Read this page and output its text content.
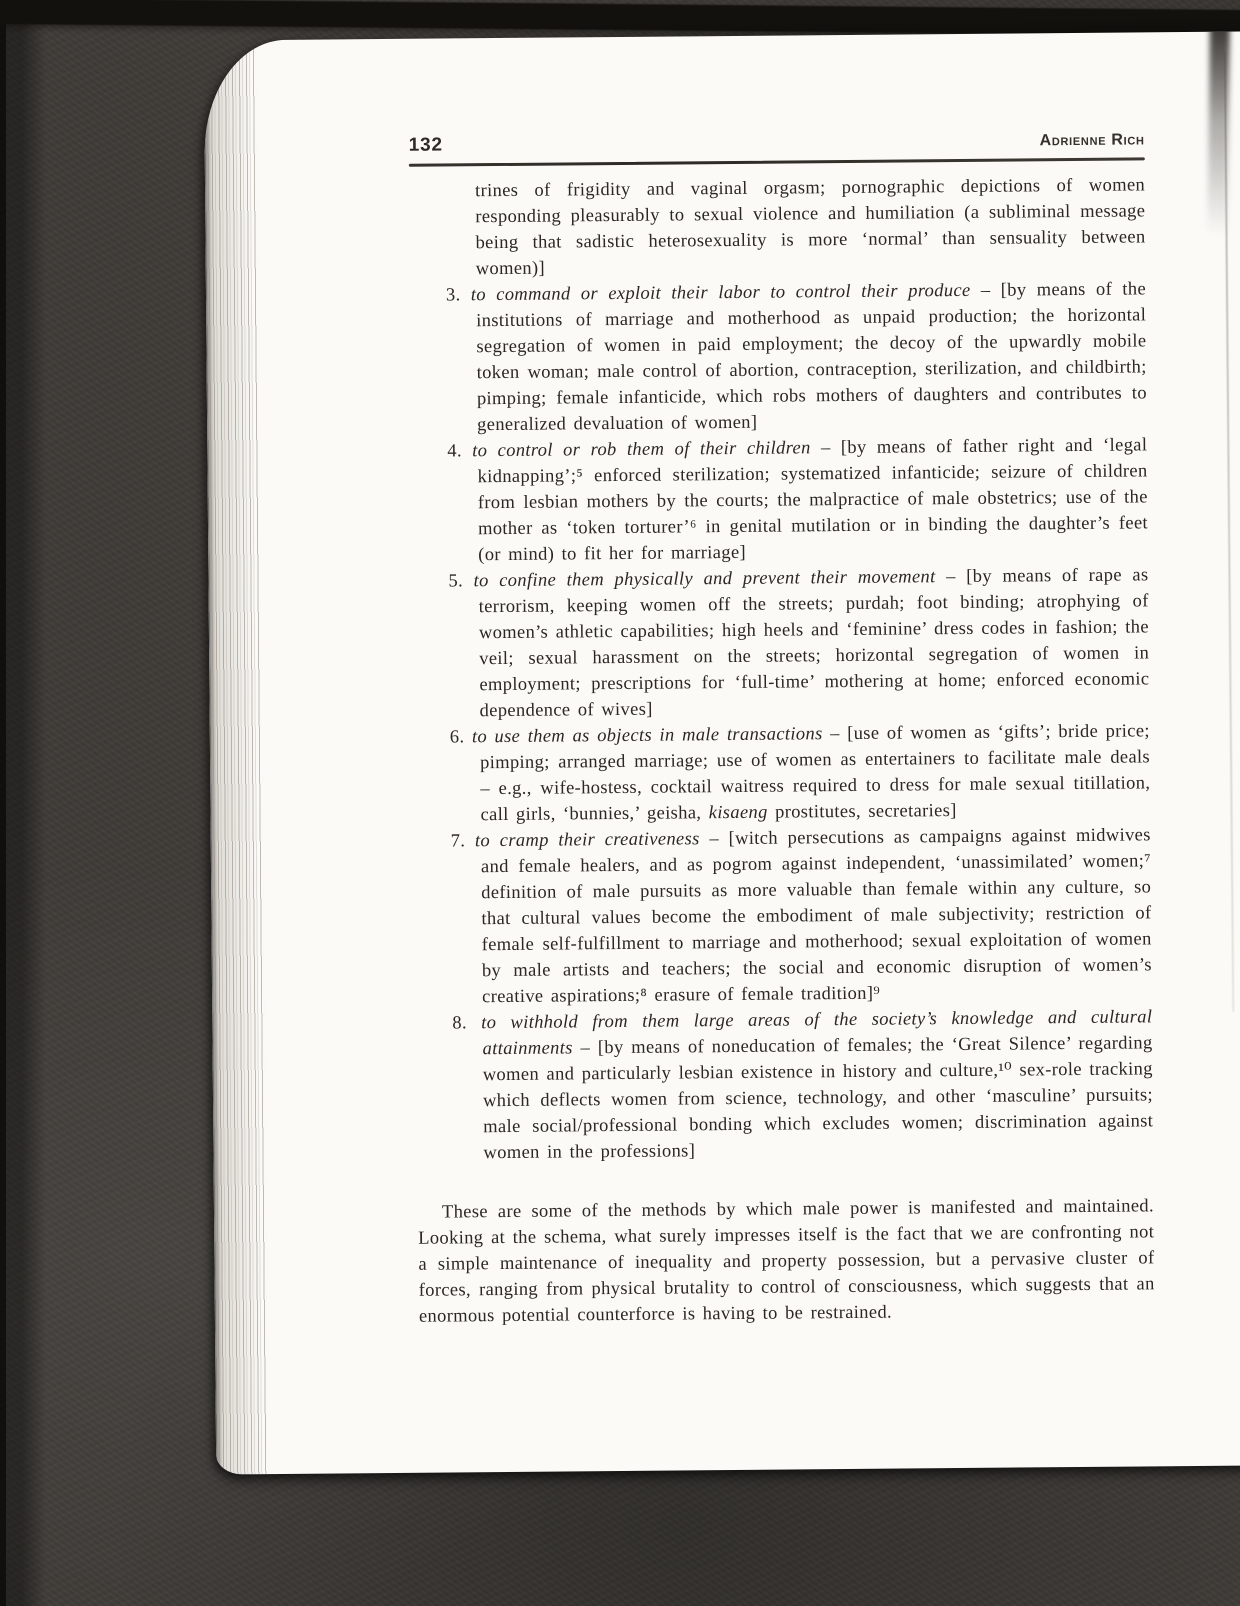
132	Adrienne Rich

trines of frigidity and vaginal orgasm; pornographic depictions of women responding pleasurably to sexual violence and humiliation (a subliminal message being that sadistic heterosexuality is more ‘normal’ than sensuality between women)]

3. to command or exploit their labor to control their produce – [by means of the institutions of marriage and motherhood as unpaid production; the horizontal segregation of women in paid employment; the decoy of the upwardly mobile token woman; male control of abortion, contraception, sterilization, and childbirth; pimping; female infanticide, which robs mothers of daughters and contributes to generalized devaluation of women]

4. to control or rob them of their children – [by means of father right and ‘legal kidnapping’;⁵ enforced sterilization; systematized infanticide; seizure of children from lesbian mothers by the courts; the malpractice of male obstetrics; use of the mother as ‘token torturer’⁶ in genital mutilation or in binding the daughter’s feet (or mind) to fit her for marriage]

5. to confine them physically and prevent their movement – [by means of rape as terrorism, keeping women off the streets; purdah; foot binding; atrophying of women’s athletic capabilities; high heels and ‘feminine’ dress codes in fashion; the veil; sexual harassment on the streets; horizontal segregation of women in employment; prescriptions for ‘full-time’ mothering at home; enforced economic dependence of wives]

6. to use them as objects in male transactions – [use of women as ‘gifts’; bride price; pimping; arranged marriage; use of women as entertainers to facilitate male deals – e.g., wife-hostess, cocktail waitress required to dress for male sexual titillation, call girls, ‘bunnies,’ geisha, kisaeng prostitutes, secretaries]

7. to cramp their creativeness – [witch persecutions as campaigns against midwives and female healers, and as pogrom against independent, ‘unassimilated’ women;⁷ definition of male pursuits as more valuable than female within any culture, so that cultural values become the embodiment of male subjectivity; restriction of female self-fulfillment to marriage and motherhood; sexual exploitation of women by male artists and teachers; the social and economic disruption of women’s creative aspirations;⁸ erasure of female tradition]⁹

8. to withhold from them large areas of the society’s knowledge and cultural attainments – [by means of noneducation of females; the ‘Great Silence’ regarding women and particularly lesbian existence in history and culture,¹⁰ sex-role tracking which deflects women from science, technology, and other ‘masculine’ pursuits; male social/professional bonding which excludes women; discrimination against women in the professions]

These are some of the methods by which male power is manifested and maintained. Looking at the schema, what surely impresses itself is the fact that we are confronting not a simple maintenance of inequality and property possession, but a pervasive cluster of forces, ranging from physical brutality to control of consciousness, which suggests that an enormous potential counterforce is having to be restrained.
